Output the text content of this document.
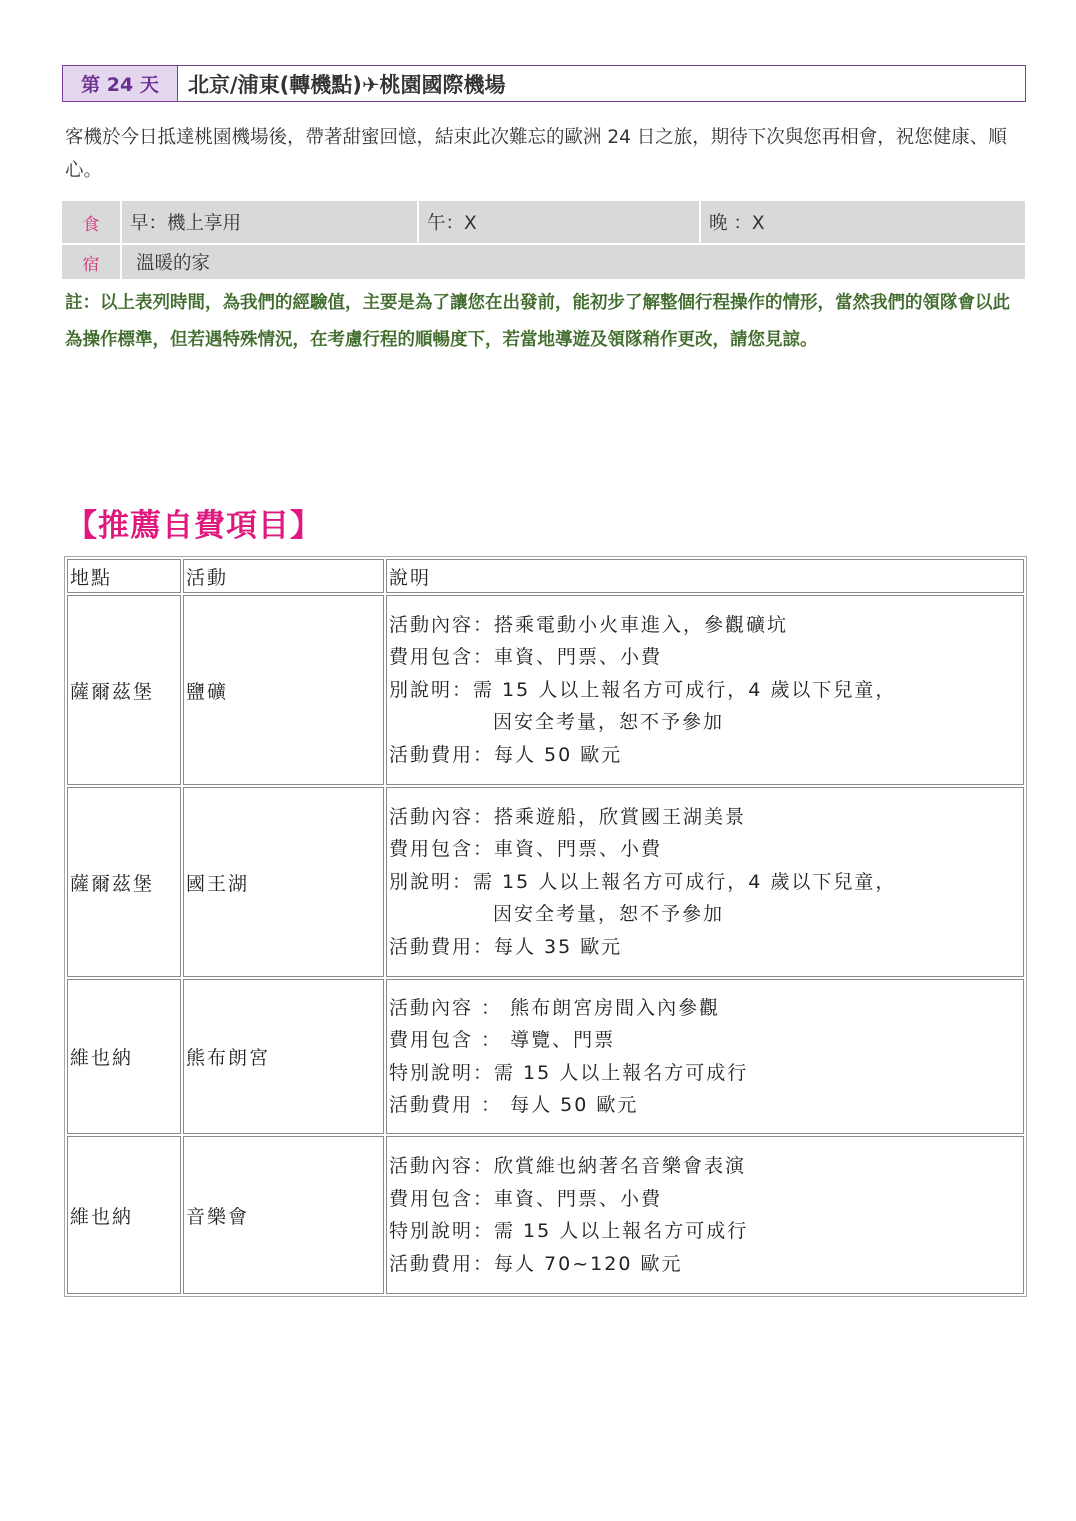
第 24 天	北京/浦東(轉機點)✈桃園國際機場

客機於今日抵達桃園機場後，帶著甜蜜回憶，結束此次難忘的歐洲 24 日之旅，期待下次與您再相會，祝您健康、順心。

食	早：機上享用	午：X	晚 ：X
宿	溫暖的家

註：以上表列時間，為我們的經驗值，主要是為了讓您在出發前，能初步了解整個行程操作的情形，當然我們的領隊會以此為操作標準，但若遇特殊情況，在考慮行程的順暢度下，若當地導遊及領隊稍作更改，請您見諒。

【推薦自費項目】
地點	活動	說明
薩爾茲堡	鹽礦	活動內容：搭乘電動小火車進入，參觀礦坑
費用包含：車資、門票、小費
別說明：需 15 人以上報名方可成行，4 歲以下兒童，
因安全考量，恕不予參加
活動費用：每人 50 歐元

薩爾茲堡	國王湖	活動內容：搭乘遊船，欣賞國王湖美景
費用包含：車資、門票、小費
別說明：需 15 人以上報名方可成行，4 歲以下兒童，
因安全考量，恕不予參加
活動費用：每人 35 歐元

維也納	熊布朗宮	活動內容 ： 熊布朗宮房間入內參觀
費用包含 ： 導覽、門票
特別說明：需 15 人以上報名方可成行
活動費用 ： 每人 50 歐元

維也納	音樂會	活動內容：欣賞維也納著名音樂會表演
費用包含：車資、門票、小費
特別說明：需 15 人以上報名方可成行
活動費用：每人 70~120 歐元
